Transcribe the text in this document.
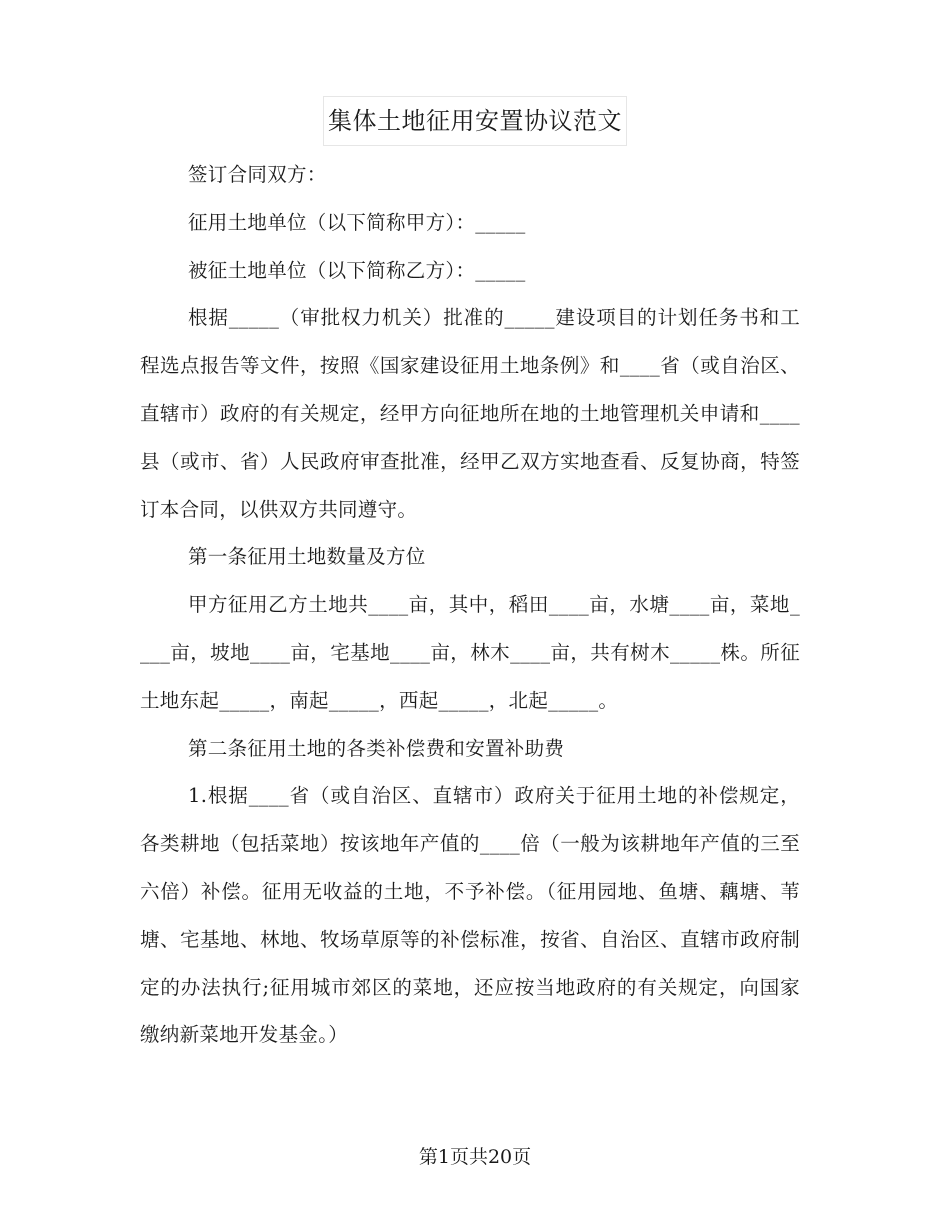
集体土地征用安置协议范文

签订合同双方：

征用土地单位（以下简称甲方）：_____

被征土地单位（以下简称乙方）：_____

根据_____（审批权力机关）批准的_____建设项目的计划任务书和工程选点报告等文件，按照《国家建设征用土地条例》和____省（或自治区、直辖市）政府的有关规定，经甲方向征地所在地的土地管理机关申请和____县（或市、省）人民政府审查批准，经甲乙双方实地查看、反复协商，特签订本合同，以供双方共同遵守。

第一条征用土地数量及方位

甲方征用乙方土地共____亩，其中，稻田____亩，水塘____亩，菜地____亩，坡地____亩，宅基地____亩，林木____亩，共有树木_____株。所征土地东起_____，南起_____，西起_____，北起_____。

第二条征用土地的各类补偿费和安置补助费

1.根据____省（或自治区、直辖市）政府关于征用土地的补偿规定，各类耕地（包括菜地）按该地年产值的____倍（一般为该耕地年产值的三至六倍）补偿。征用无收益的土地，不予补偿。（征用园地、鱼塘、藕塘、苇塘、宅基地、林地、牧场草原等的补偿标准，按省、自治区、直辖市政府制定的办法执行;征用城市郊区的菜地，还应按当地政府的有关规定，向国家缴纳新菜地开发基金。）

第1页共20页
